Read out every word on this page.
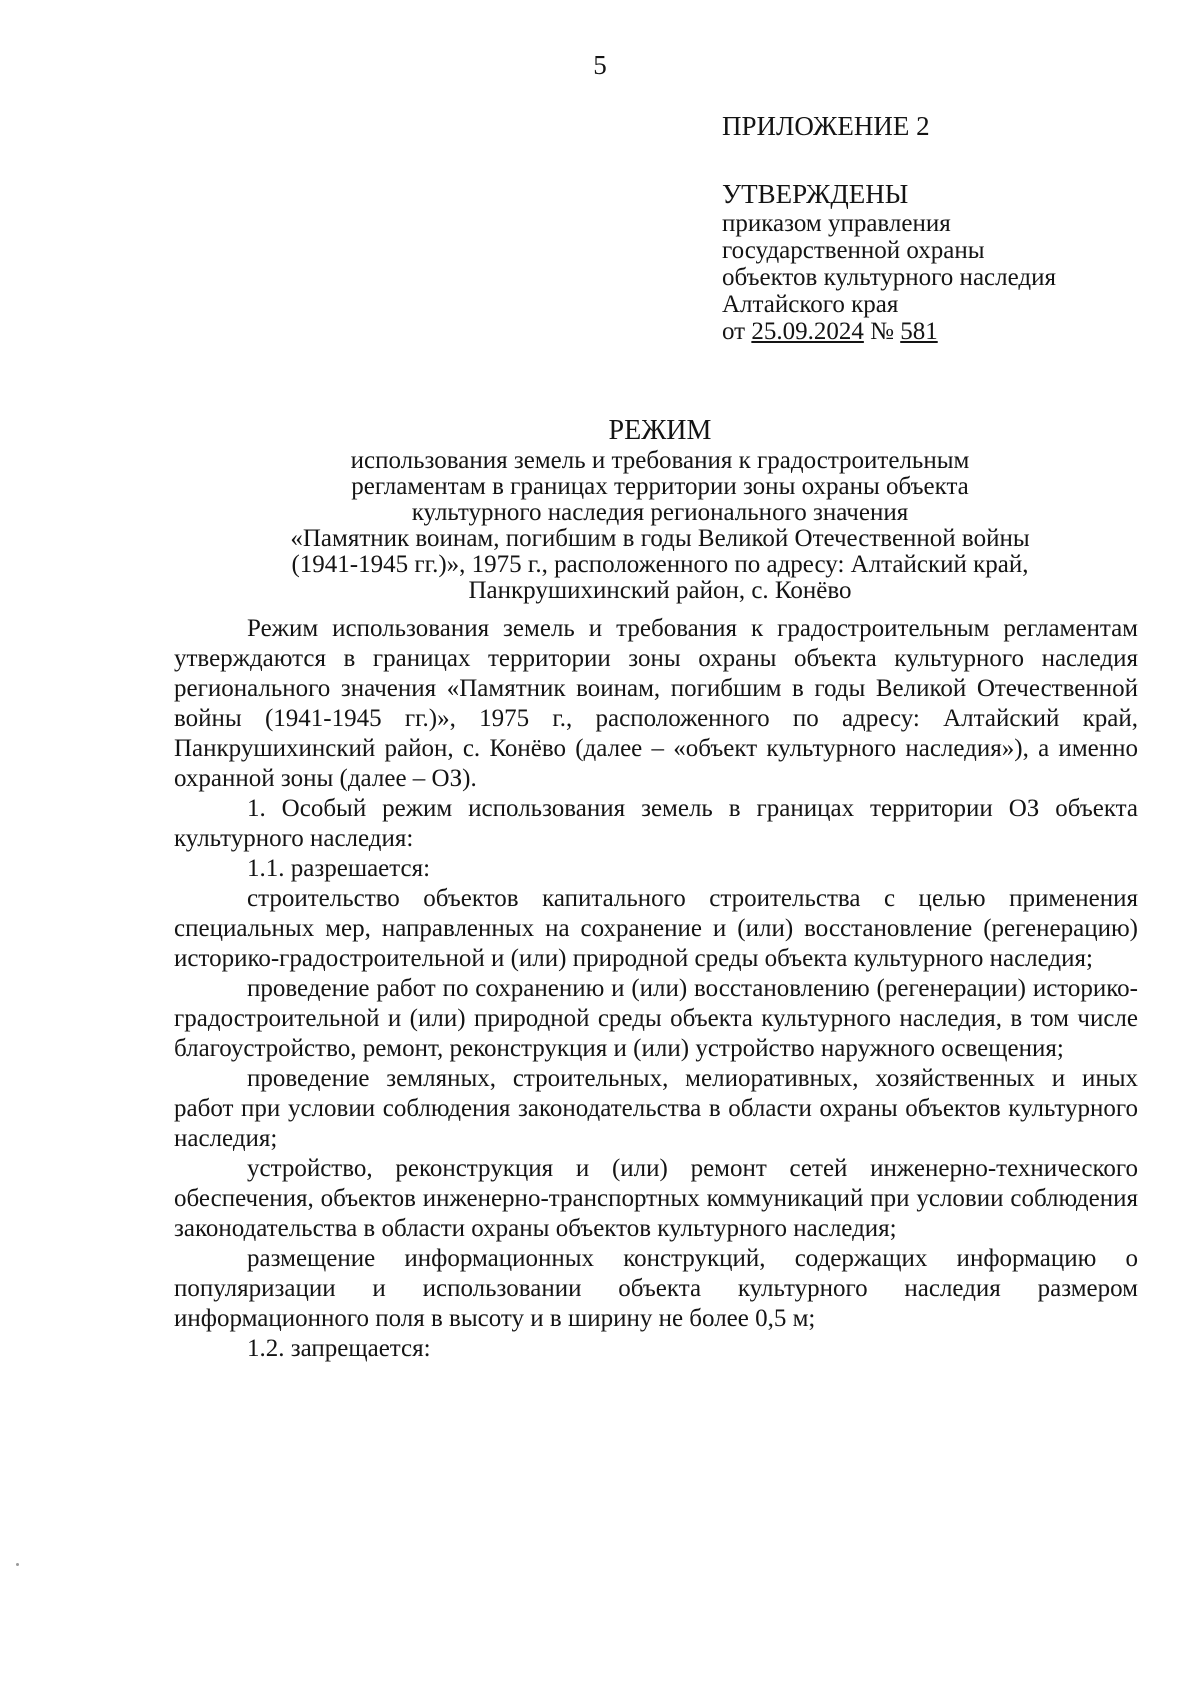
5
ПРИЛОЖЕНИЕ 2
УТВЕРЖДЕНЫ
приказом управления
государственной охраны
объектов культурного наследия
Алтайского края
от 25.09.2024 № 581
РЕЖИМ
использования земель и требования к градостроительным
регламентам в границах территории зоны охраны объекта
культурного наследия регионального значения
«Памятник воинам, погибшим в годы Великой Отечественной войны
(1941-1945 гг.)», 1975 г., расположенного по адресу: Алтайский край,
Панкрушихинский район, с. Конёво

Режим использования земель и требования к градостроительным регламентам утверждаются в границах территории зоны охраны объекта культурного наследия регионального значения «Памятник воинам, погибшим в годы Великой Отечественной войны (1941-1945 гг.)», 1975 г., расположенного по адресу: Алтайский край, Панкрушихинский район, с. Конёво (далее – «объект культурного наследия»), а именно охранной зоны (далее – ОЗ).

1. Особый режим использования земель в границах территории ОЗ объекта культурного наследия:

1.1. разрешается:

строительство объектов капитального строительства с целью применения специальных мер, направленных на сохранение и (или) восстановление (регенерацию) историко-градостроительной и (или) природной среды объекта культурного наследия;

проведение работ по сохранению и (или) восстановлению (регенерации) историко-градостроительной и (или) природной среды объекта культурного наследия, в том числе благоустройство, ремонт, реконструкция и (или) устройство наружного освещения;

проведение земляных, строительных, мелиоративных, хозяйственных и иных работ при условии соблюдения законодательства в области охраны объектов культурного наследия;

устройство, реконструкция и (или) ремонт сетей инженерно-технического обеспечения, объектов инженерно-транспортных коммуникаций при условии соблюдения законодательства в области охраны объектов культурного наследия;

размещение информационных конструкций, содержащих информацию о популяризации и использовании объекта культурного наследия размером информационного поля в высоту и в ширину не более 0,5 м;

1.2. запрещается:
